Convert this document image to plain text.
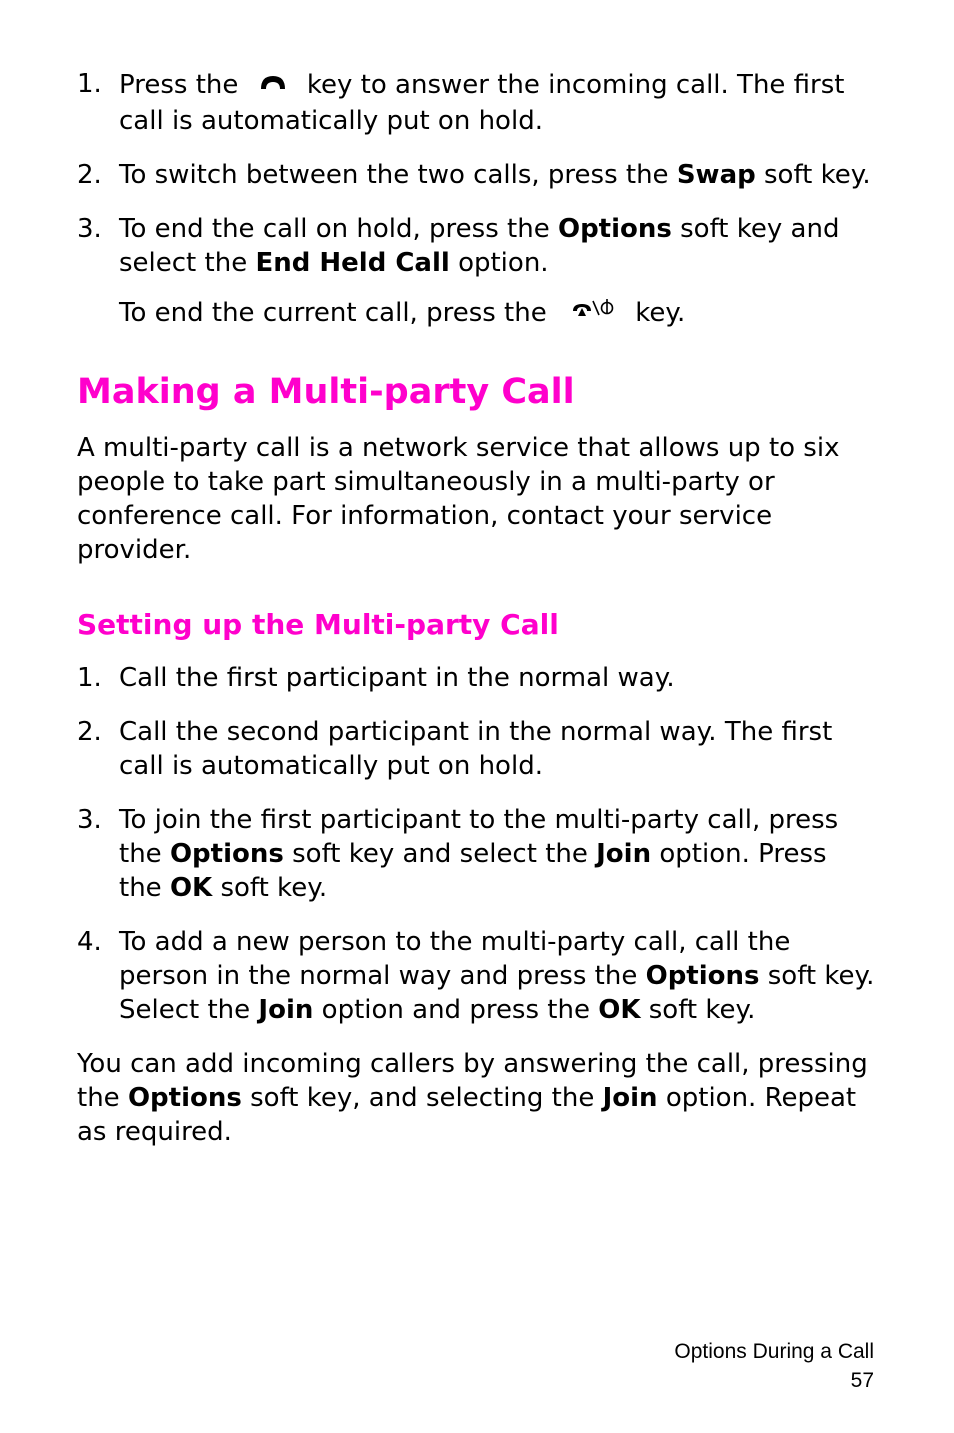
1. Press the	key to answer the incoming call. The first call is automatically put on hold.
2. To switch between the two calls, press the Swap soft key.
3. To end the call on hold, press the Options soft key and select the End Held Call option.

To end the current call, press the	key.

Making a Multi-party Call

A multi-party call is a network service that allows up to six people to take part simultaneously in a multi-party or conference call. For information, contact your service provider.

Setting up the Multi-party Call
1. Call the first participant in the normal way.
2. Call the second participant in the normal way. The first call is automatically put on hold.
3. To join the first participant to the multi-party call, press the Options soft key and select the Join option. Press the OK soft key.
4. To add a new person to the multi-party call, call the person in the normal way and press the Options soft key. Select the Join option and press the OK soft key.

You can add incoming callers by answering the call, pressing the Options soft key, and selecting the Join option. Repeat as required.

Options During a Call
57
